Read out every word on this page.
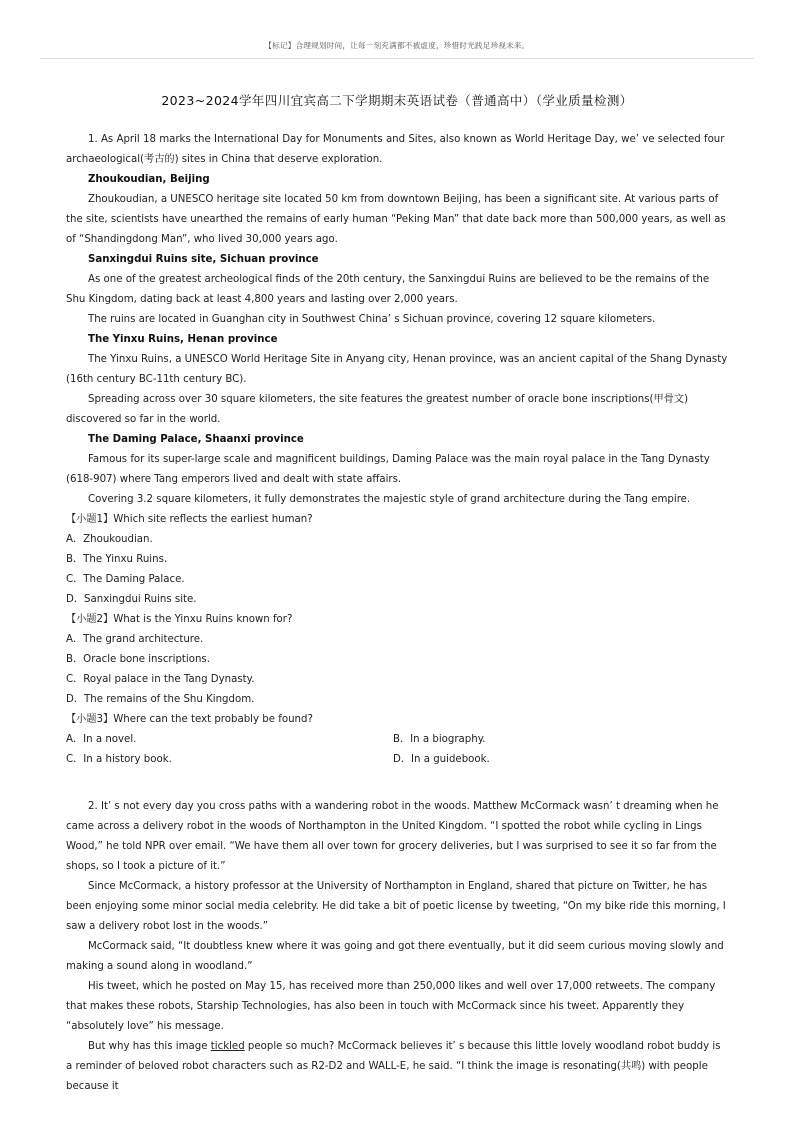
【标记】合理规划时间，让每一刻充满都不被虚度，珍惜时光践足珍视未来。
2023~2024学年四川宜宾高二下学期期末英语试卷（普通高中）（学业质量检测）

1. As April 18 marks the International Day for Monuments and Sites, also known as World Heritage Day, we’ ve selected four archaeological(考古的) sites in China that deserve exploration.

Zhoukoudian, Beijing

Zhoukoudian, a UNESCO heritage site located 50 km from downtown Beijing, has been a significant site. At various parts of the site, scientists have unearthed the remains of early human “Peking Man” that date back more than 500,000 years, as well as of “Shandingdong Man”, who lived 30,000 years ago.

Sanxingdui Ruins site, Sichuan province

As one of the greatest archeological finds of the 20th century, the Sanxingdui Ruins are believed to be the remains of the Shu Kingdom, dating back at least 4,800 years and lasting over 2,000 years.

The ruins are located in Guanghan city in Southwest China’ s Sichuan province, covering 12 square kilometers.

The Yinxu Ruins, Henan province

The Yinxu Ruins, a UNESCO World Heritage Site in Anyang city, Henan province, was an ancient capital of the Shang Dynasty (16th century BC-11th century BC).

Spreading across over 30 square kilometers, the site features the greatest number of oracle bone inscriptions(甲骨文) discovered so far in the world.

The Daming Palace, Shaanxi province

Famous for its super-large scale and magnificent buildings, Daming Palace was the main royal palace in the Tang Dynasty (618-907) where Tang emperors lived and dealt with state affairs.

Covering 3.2 square kilometers, it fully demonstrates the majestic style of grand architecture during the Tang empire.

【小题1】Which site reflects the earliest human?

A．Zhoukoudian.

B．The Yinxu Ruins.

C．The Daming Palace.

D．Sanxingdui Ruins site.

【小题2】What is the Yinxu Ruins known for?

A．The grand architecture.

B．Oracle bone inscriptions.

C．Royal palace in the Tang Dynasty.

D．The remains of the Shu Kingdom.

【小题3】Where can the text probably be found?

A．In a novel.	B．In a biography.
C．In a history book.	D．In a guidebook.

2. It’ s not every day you cross paths with a wandering robot in the woods. Matthew McCormack wasn’ t dreaming when he came across a delivery robot in the woods of Northampton in the United Kingdom. “I spotted the robot while cycling in Lings Wood,” he told NPR over email. “We have them all over town for grocery deliveries, but I was surprised to see it so far from the shops, so I took a picture of it.”

Since McCormack, a history professor at the University of Northampton in England, shared that picture on Twitter, he has been enjoying some minor social media celebrity. He did take a bit of poetic license by tweeting, “On my bike ride this morning, I saw a delivery robot lost in the woods.”

McCormack said, “It doubtless knew where it was going and got there eventually, but it did seem curious moving slowly and making a sound along in woodland.”

His tweet, which he posted on May 15, has received more than 250,000 likes and well over 17,000 retweets. The company that makes these robots, Starship Technologies, has also been in touch with McCormack since his tweet. Apparently they “absolutely love” his message.

But why has this image tickled people so much? McCormack believes it’ s because this little lovely woodland robot buddy is a reminder of beloved robot characters such as R2-D2 and WALL-E, he said. “I think the image is resonating(共鸣) with people because it
